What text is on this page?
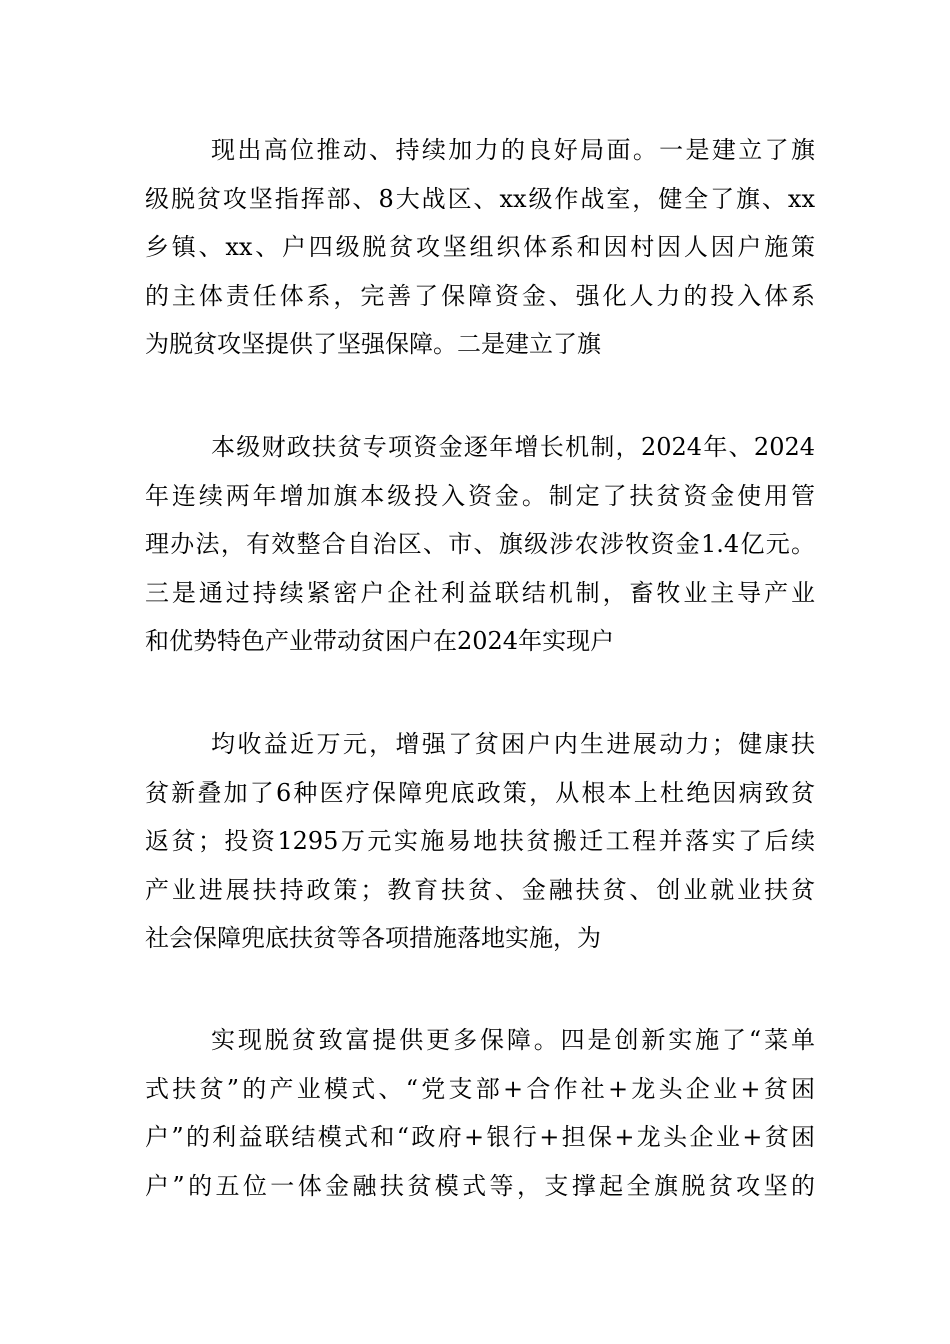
现出高位推动、持续加力的良好局面。一是建立了旗
级脱贫攻坚指挥部、8大战区、xx级作战室，健全了旗、xx
乡镇、xx、户四级脱贫攻坚组织体系和因村因人因户施策
的主体责任体系，完善了保障资金、强化人力的投入体系
为脱贫攻坚提供了坚强保障。二是建立了旗
本级财政扶贫专项资金逐年增长机制，2024年、2024
年连续两年增加旗本级投入资金。制定了扶贫资金使用管
理办法，有效整合自治区、市、旗级涉农涉牧资金1.4亿元。
三是通过持续紧密户企社利益联结机制，畜牧业主导产业
和优势特色产业带动贫困户在2024年实现户
均收益近万元，增强了贫困户内生进展动力；健康扶
贫新叠加了6种医疗保障兜底政策，从根本上杜绝因病致贫
返贫；投资1295万元实施易地扶贫搬迁工程并落实了后续
产业进展扶持政策；教育扶贫、金融扶贫、创业就业扶贫
社会保障兜底扶贫等各项措施落地实施，为
实现脱贫致富提供更多保障。四是创新实施了“菜单
式扶贫”的产业模式、“党支部+合作社+龙头企业+贫困
户”的利益联结模式和“政府+银行+担保+龙头企业+贫困
户”的五位一体金融扶贫模式等，支撑起全旗脱贫攻坚的
